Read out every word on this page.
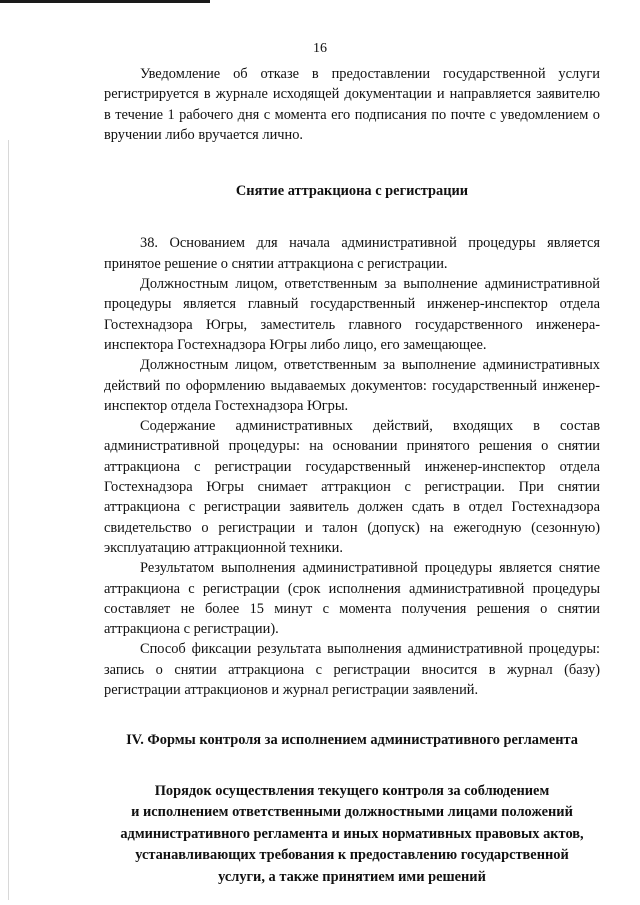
16

Уведомление об отказе в предоставлении государственной услуги регистрируется в журнале исходящей документации и направляется заявителю в течение 1 рабочего дня с момента его подписания по почте с уведомлением о вручении либо вручается лично.

Снятие аттракциона с регистрации

38. Основанием для начала административной процедуры является принятое решение о снятии аттракциона с регистрации.

Должностным лицом, ответственным за выполнение административной процедуры является главный государственный инженер-инспектор отдела Гостехнадзора Югры, заместитель главного государственного инженера-инспектора Гостехнадзора Югры либо лицо, его замещающее.

Должностным лицом, ответственным за выполнение административных действий по оформлению выдаваемых документов: государственный инженер-инспектор отдела Гостехнадзора Югры.

Содержание административных действий, входящих в состав административной процедуры: на основании принятого решения о снятии аттракциона с регистрации государственный инженер-инспектор отдела Гостехнадзора Югры снимает аттракцион с регистрации. При снятии аттракциона с регистрации заявитель должен сдать в отдел Гостехнадзора свидетельство о регистрации и талон (допуск) на ежегодную (сезонную) эксплуатацию аттракционной техники.

Результатом выполнения административной процедуры является снятие аттракциона с регистрации (срок исполнения административной процедуры составляет не более 15 минут с момента получения решения о снятии аттракциона с регистрации).

Способ фиксации результата выполнения административной процедуры: запись о снятии аттракциона с регистрации вносится в журнал (базу) регистрации аттракционов и журнал регистрации заявлений.

IV. Формы контроля за исполнением административного регламента

Порядок осуществления текущего контроля за соблюдением
и исполнением ответственными должностными лицами положений
административного регламента и иных нормативных правовых актов,
устанавливающих требования к предоставлению государственной
услуги, а также принятием ими решений
